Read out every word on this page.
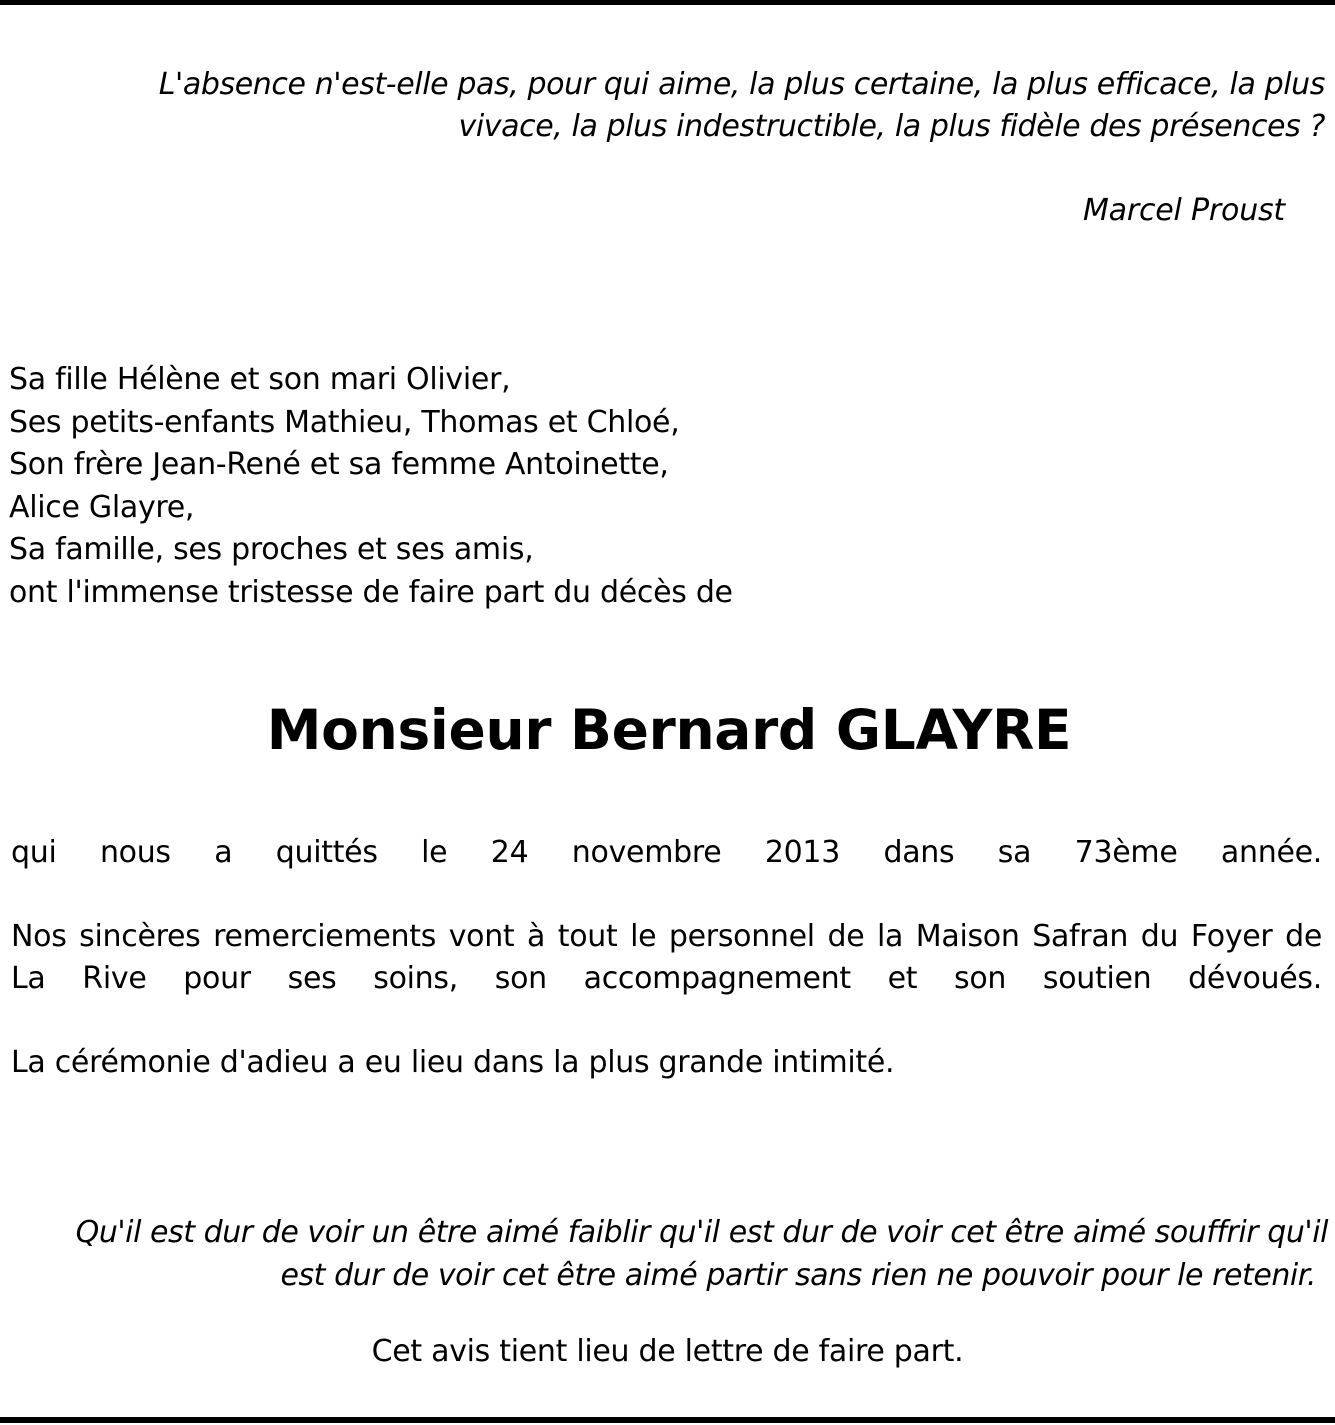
L'absence n'est-elle pas, pour qui aime, la plus certaine, la plus efficace, la plus
vivace, la plus indestructible, la plus fidèle des présences ?
Marcel Proust
Sa fille Hélène et son mari Olivier,
Ses petits-enfants Mathieu, Thomas et Chloé,
Son frère Jean-René et sa femme Antoinette,
Alice Glayre,
Sa famille, ses proches et ses amis,
ont l'immense tristesse de faire part du décès de
Monsieur Bernard GLAYRE
qui nous a quittés le 24 novembre 2013 dans sa 73ème année.
Nos sincères remerciements vont à tout le personnel de la Maison Safran du Foyer de
La Rive pour ses soins, son accompagnement et son soutien dévoués.
La cérémonie d'adieu a eu lieu dans la plus grande intimité.
Qu'il est dur de voir un être aimé faiblir qu'il est dur de voir cet être aimé souffrir qu'il
est dur de voir cet être aimé partir sans rien ne pouvoir pour le retenir.
Cet avis tient lieu de lettre de faire part.
